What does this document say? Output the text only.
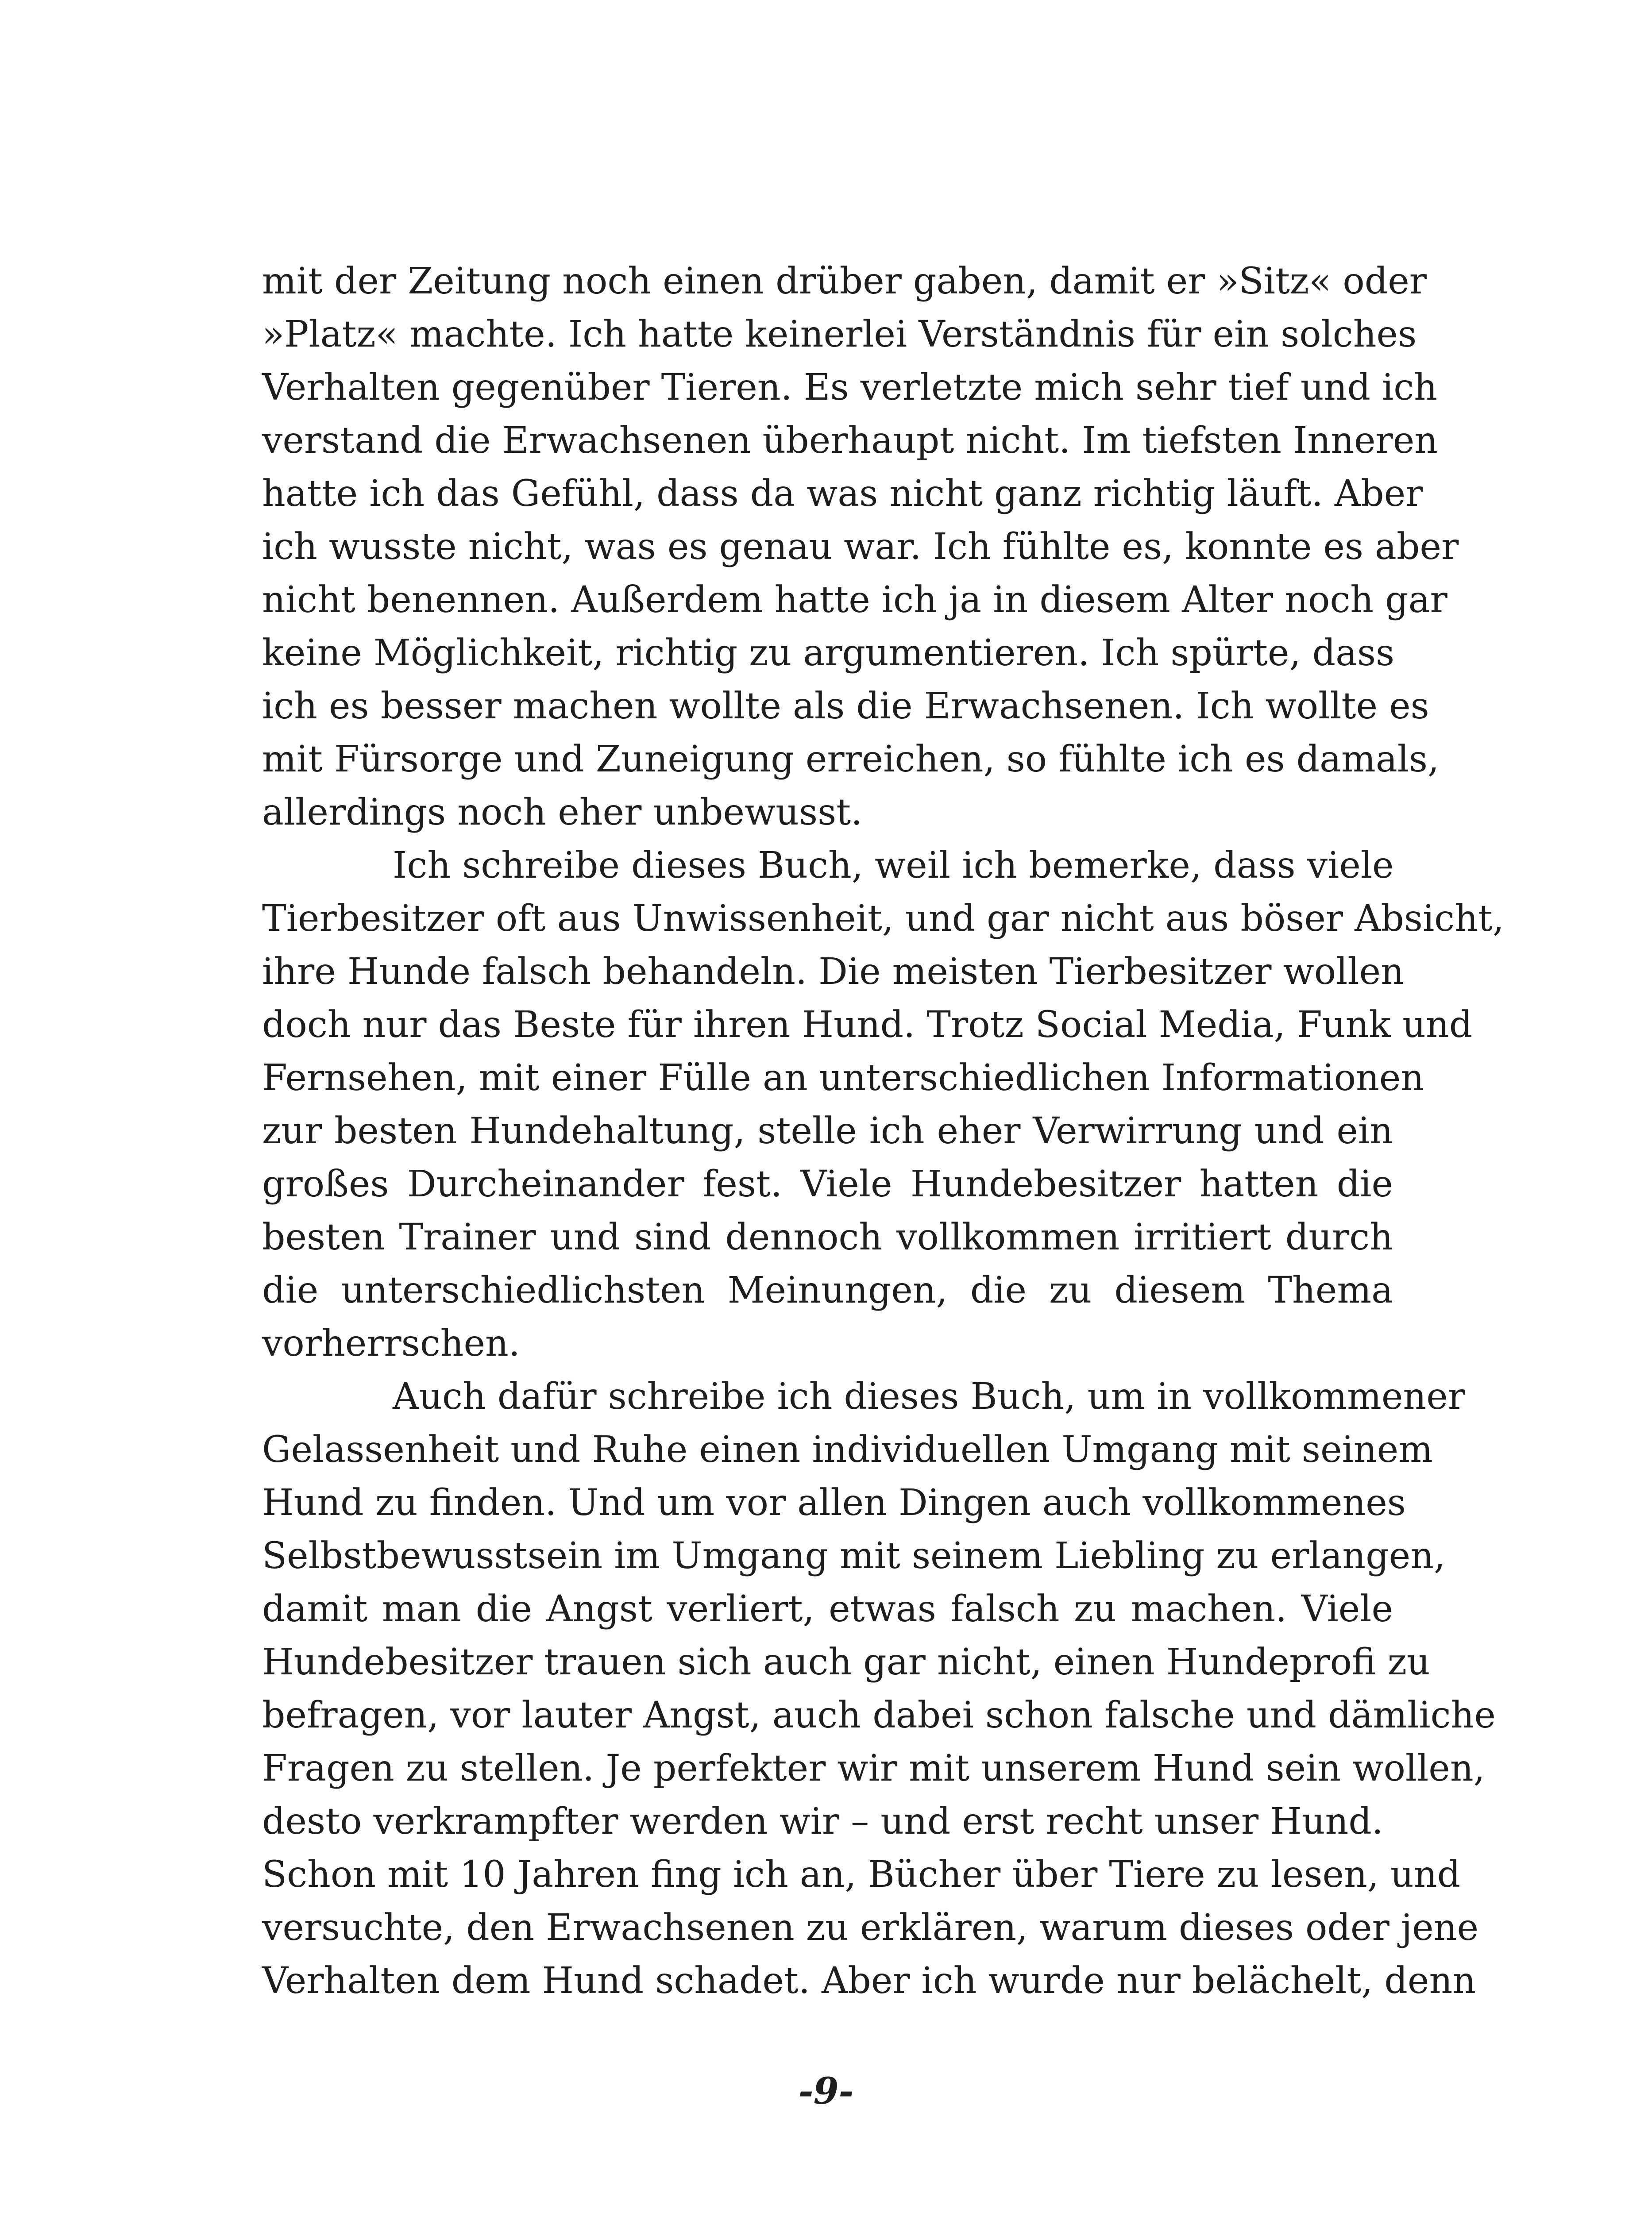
mit der Zeitung noch einen drüber gaben, damit er »Sitz« oder
»Platz« machte. Ich hatte keinerlei Verständnis für ein solches
Verhalten gegenüber Tieren. Es verletzte mich sehr tief und ich
verstand die Erwachsenen überhaupt nicht. Im tiefsten Inneren
hatte ich das Gefühl, dass da was nicht ganz richtig läuft. Aber
ich wusste nicht, was es genau war. Ich fühlte es, konnte es aber
nicht benennen. Außerdem hatte ich ja in diesem Alter noch gar
keine Möglichkeit, richtig zu argumentieren. Ich spürte, dass
ich es besser machen wollte als die Erwachsenen. Ich wollte es
mit Fürsorge und Zuneigung erreichen, so fühlte ich es damals,
allerdings noch eher unbewusst.
Ich schreibe dieses Buch, weil ich bemerke, dass viele
Tierbesitzer oft aus Unwissenheit, und gar nicht aus böser Absicht,
ihre Hunde falsch behandeln. Die meisten Tierbesitzer wollen
doch nur das Beste für ihren Hund. Trotz Social Media, Funk und
Fernsehen, mit einer Fülle an unterschiedlichen Informationen
zur besten Hundehaltung, stelle ich eher Verwirrung und ein
großes Durcheinander fest. Viele Hundebesitzer hatten die
besten Trainer und sind dennoch vollkommen irritiert durch
die unterschiedlichsten Meinungen, die zu diesem Thema
vorherrschen.
Auch dafür schreibe ich dieses Buch, um in vollkommener
Gelassenheit und Ruhe einen individuellen Umgang mit seinem
Hund zu finden. Und um vor allen Dingen auch vollkommenes
Selbstbewusstsein im Umgang mit seinem Liebling zu erlangen,
damit man die Angst verliert, etwas falsch zu machen. Viele
Hundebesitzer trauen sich auch gar nicht, einen Hundeprofi zu
befragen, vor lauter Angst, auch dabei schon falsche und dämliche
Fragen zu stellen. Je perfekter wir mit unserem Hund sein wollen,
desto verkrampfter werden wir – und erst recht unser Hund.
Schon mit 10 Jahren fing ich an, Bücher über Tiere zu lesen, und
versuchte, den Erwachsenen zu erklären, warum dieses oder jene
Verhalten dem Hund schadet. Aber ich wurde nur belächelt, denn
-9-
